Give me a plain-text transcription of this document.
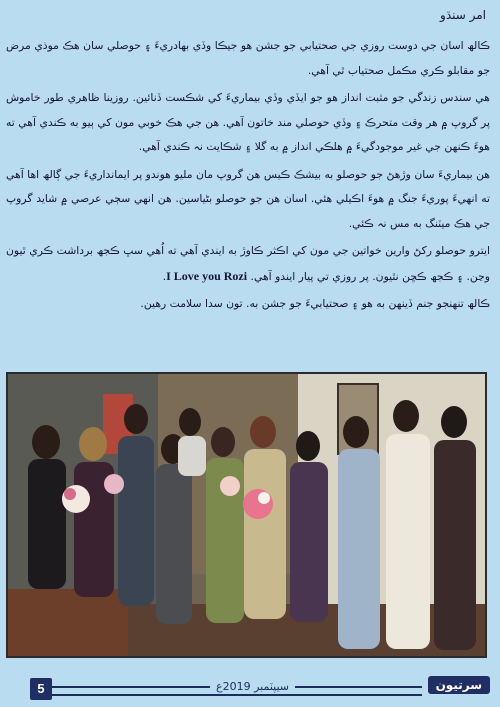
امر سنڌو

ڪالھ اسان جي دوست روزي جي صحتيابي جو جشن هو جيڪا وڏي بهادريءَ ۽ حوصلي سان هڪ موذي مرض جو مقابلو ڪري مڪمل صحتياب ٿي آهي.

هي سندس زندگي جو مثبت انداز هو جو ايڏي وڏي بيماريءَ کي شڪست ڏنائين. روزينا ظاهري طور خاموش پر گروپ ۾ هر وقت متحرڪ ۽ وڏي حوصلي مند خاتون آهي. هن جي هڪ خوبي مون کي ٻيو به ڪندي آهي ته هوءَ ڪنهن جي غير موجودگيءَ ۾ هلڪي انداز ۾ به گلا ۽ شڪايت نہ ڪندي آهي.

هن بيماريءَ سان وڙهڻ جو حوصلو به بيشڪ ڪيس هن گروپ مان مليو هوندو پر ايمانداريءَ جي ڳالھ اها آهي ته انهيءَ پوريءَ جنگ ۾ هوءَ اڪيلي هئي. اسان هن جو حوصلو بڻياسين. هن انهي سڄي عرصي ۾ شايد گروپ جي هڪ ميٽنگ به مس نہ ڪئي.

ايترو حوصلو رکڻ وارين خواتين جي مون کي اڪثر ڪاوڙ به ايندي آهي ته اُهي سڀ ڪجھ برداشت ڪري ٿيون وڃن. ۽ ڪجھ ڪڇن نٿيون. پر روزي تي پيار ايندو آهي. I Love you Rozi.

ڪالھ تنهنجو جنم ڏينهن به هو ۽ صحتيابيءَ جو جشن به. تون سدا سلامت رهين.

5	سيپٽمبر 2019ع	سرتيون
